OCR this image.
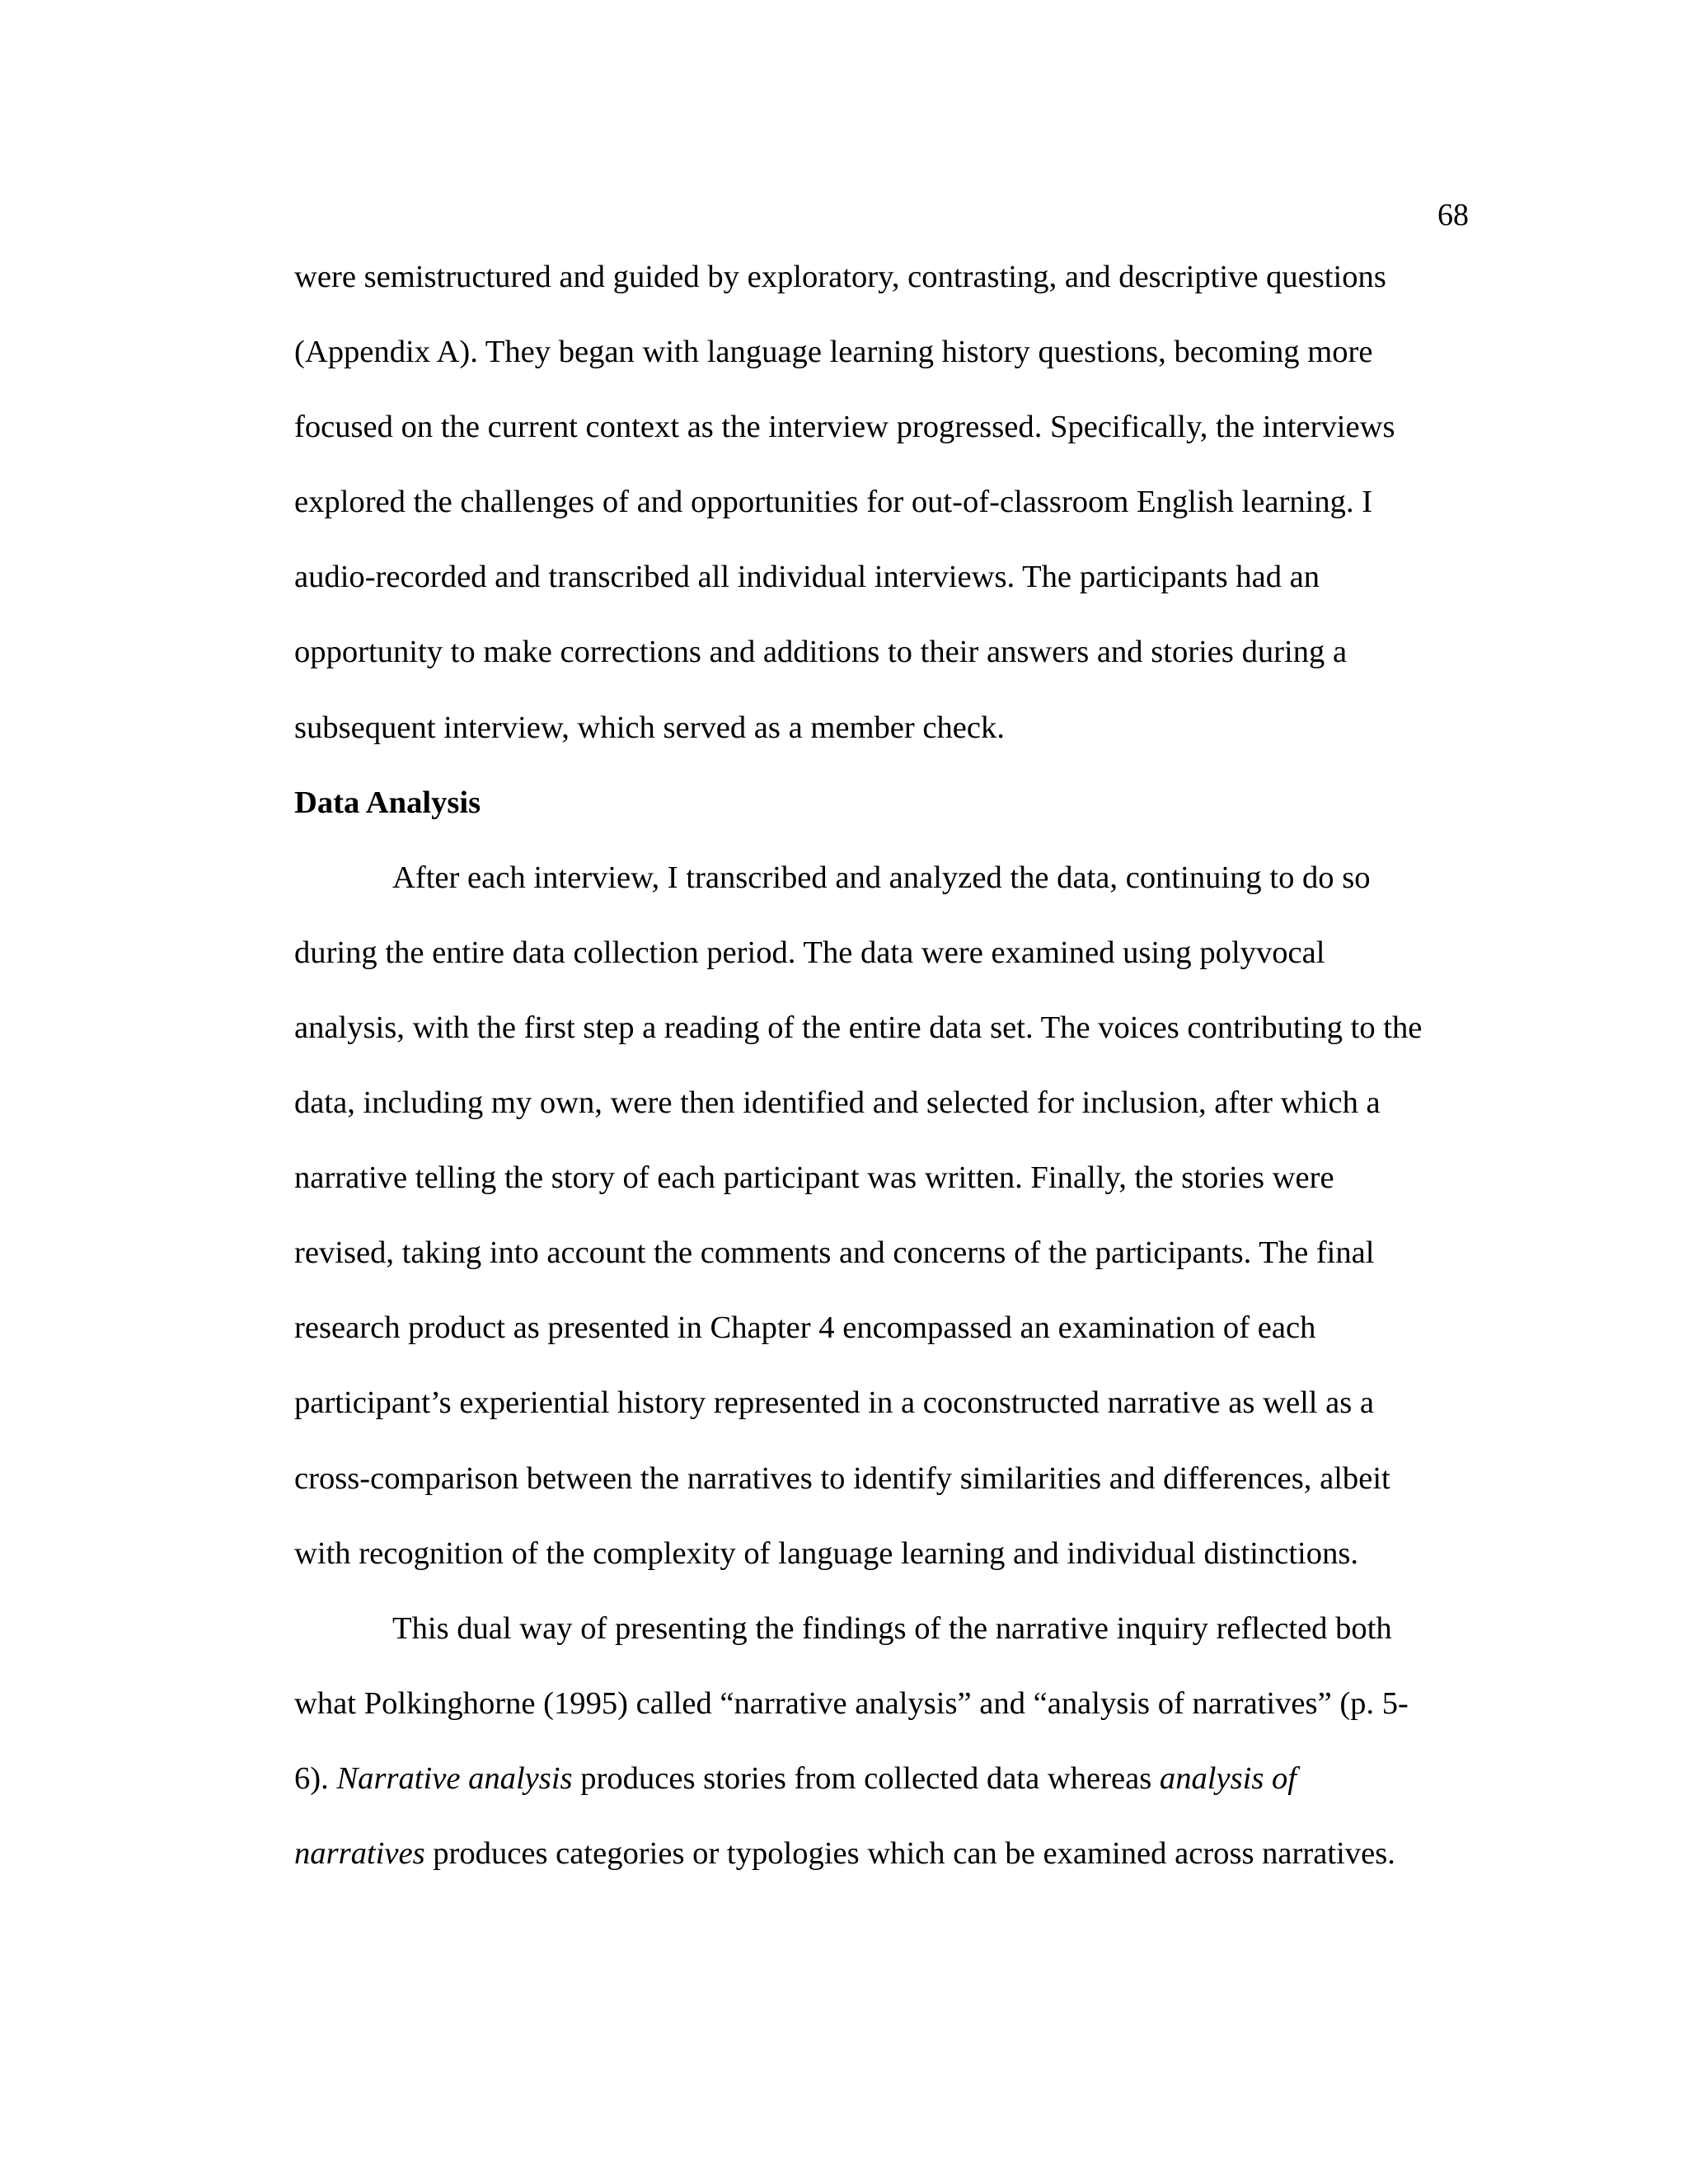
68
were semistructured and guided by exploratory, contrasting, and descriptive questions
(Appendix A). They began with language learning history questions, becoming more
focused on the current context as the interview progressed. Specifically, the interviews
explored the challenges of and opportunities for out-of-classroom English learning. I
audio-recorded and transcribed all individual interviews. The participants had an
opportunity to make corrections and additions to their answers and stories during a
subsequent interview, which served as a member check.
Data Analysis
After each interview, I transcribed and analyzed the data, continuing to do so
during the entire data collection period. The data were examined using polyvocal
analysis, with the first step a reading of the entire data set. The voices contributing to the
data, including my own, were then identified and selected for inclusion, after which a
narrative telling the story of each participant was written. Finally, the stories were
revised, taking into account the comments and concerns of the participants. The final
research product as presented in Chapter 4 encompassed an examination of each
participant’s experiential history represented in a coconstructed narrative as well as a
cross-comparison between the narratives to identify similarities and differences, albeit
with recognition of the complexity of language learning and individual distinctions.
This dual way of presenting the findings of the narrative inquiry reflected both
what Polkinghorne (1995) called “narrative analysis” and “analysis of narratives” (p. 5-
6). Narrative analysis produces stories from collected data whereas analysis of
narratives produces categories or typologies which can be examined across narratives.
